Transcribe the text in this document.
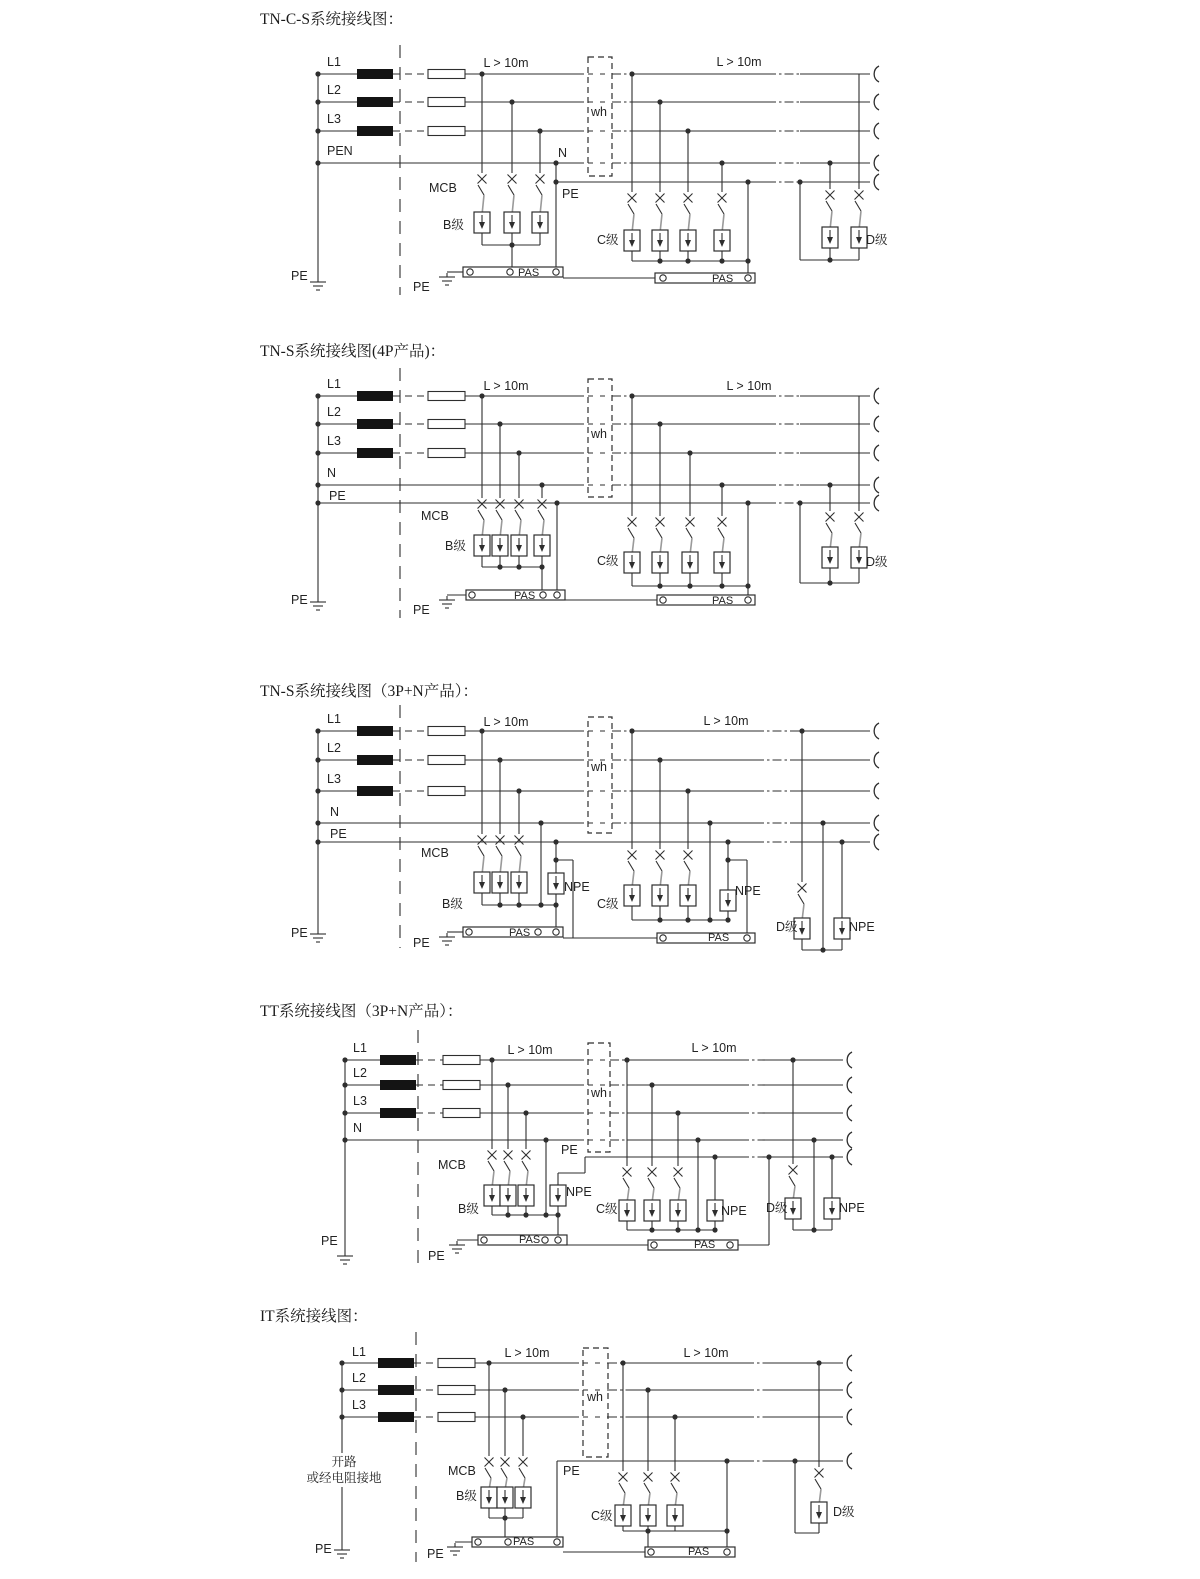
TN-C-S系统接线图：
L1
L2
L3
PEN
L > 10m	L > 10m
wh
N
PE
MCB
B级
C级	D级
PAS	PAS
PE
PE
TN-S系统接线图(4P产品)：
L1
L2
L3
N
PE
L > 10m	L > 10m
wh
MCB
B级
C级	D级
PAS	PAS
PE
PE
TN-S系统接线图（3P+N产品）：
L1
L2
L3
N
PE
L > 10m	L > 10m
wh
MCB
B级
NPE
C级
NPE
D级	NPE
PAS	PAS
PE
PE
TT系统接线图（3P+N产品）：
L1
L2
L3
N
PE
L > 10m	L > 10m
wh
MCB
B级
NPE
C级	NPE D级	NPE
PAS	PAS
PE
PE
IT系统接线图：
L1
L2
L3
开路
或经电阻接地
L > 10m	L > 10m
wh
PE
MCB
B级
C级	D级
PAS
PAS
PE	PE
